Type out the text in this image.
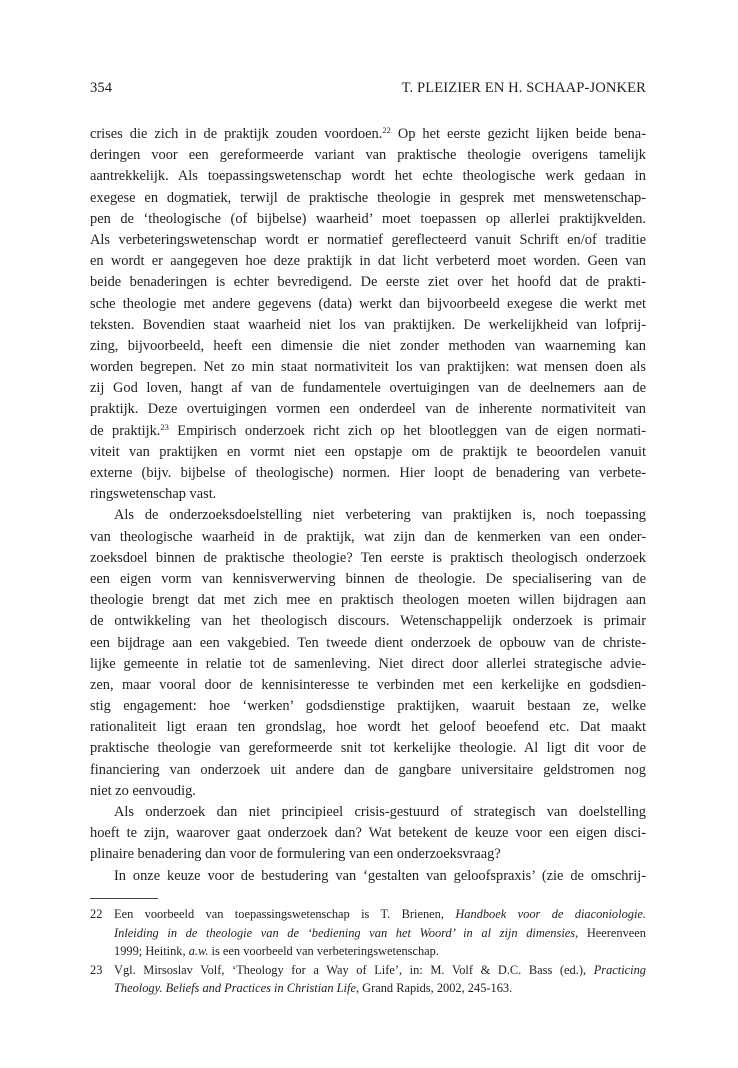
354	T. PLEIZIER EN H. SCHAAP-JONKER
crises die zich in de praktijk zouden voordoen.$^{22}$ Op het eerste gezicht lijken beide bena-
deringen voor een gereformeerde variant van praktische theologie overigens tamelijk
aantrekkelijk. Als toepassingswetenschap wordt het echte theologische werk gedaan in
exegese en dogmatiek, terwijl de praktische theologie in gesprek met menswetenschap-
pen de ‘theologische (of bijbelse) waarheid’ moet toepassen op allerlei praktijkvelden.
Als verbeteringswetenschap wordt er normatief gereflecteerd vanuit Schrift en/of traditie
en wordt er aangegeven hoe deze praktijk in dat licht verbeterd moet worden. Geen van
beide benaderingen is echter bevredigend. De eerste ziet over het hoofd dat de prakti-
sche theologie met andere gegevens (data) werkt dan bijvoorbeeld exegese die werkt met
teksten. Bovendien staat waarheid niet los van praktijken. De werkelijkheid van lofprij-
zing, bijvoorbeeld, heeft een dimensie die niet zonder methoden van waarneming kan
worden begrepen. Net zo min staat normativiteit los van praktijken: wat mensen doen als
zij God loven, hangt af van de fundamentele overtuigingen van de deelnemers aan de
praktijk. Deze overtuigingen vormen een onderdeel van de inherente normativiteit van
de praktijk.$^{23}$ Empirisch onderzoek richt zich op het blootleggen van de eigen normati-
viteit van praktijken en vormt niet een opstapje om de praktijk te beoordelen vanuit
externe (bijv. bijbelse of theologische) normen. Hier loopt de benadering van verbete-
ringswetenschap vast.
Als de onderzoeksdoelstelling niet verbetering van praktijken is, noch toepassing
van theologische waarheid in de praktijk, wat zijn dan de kenmerken van een onder-
zoeksdoel binnen de praktische theologie? Ten eerste is praktisch theologisch onderzoek
een eigen vorm van kennisverwerving binnen de theologie. De specialisering van de
theologie brengt dat met zich mee en praktisch theologen moeten willen bijdragen aan
de ontwikkeling van het theologisch discours. Wetenschappelijk onderzoek is primair
een bijdrage aan een vakgebied. Ten tweede dient onderzoek de opbouw van de christe-
lijke gemeente in relatie tot de samenleving. Niet direct door allerlei strategische advie-
zen, maar vooral door de kennisinteresse te verbinden met een kerkelijke en godsdien-
stig engagement: hoe ‘werken’ godsdienstige praktijken, waaruit bestaan ze, welke
rationaliteit ligt eraan ten grondslag, hoe wordt het geloof beoefend etc. Dat maakt
praktische theologie van gereformeerde snit tot kerkelijke theologie. Al ligt dit voor de
financiering van onderzoek uit andere dan de gangbare universitaire geldstromen nog
niet zo eenvoudig.
Als onderzoek dan niet principieel crisis-gestuurd of strategisch van doelstelling
hoeft te zijn, waarover gaat onderzoek dan? Wat betekent de keuze voor een eigen disci-
plinaire benadering dan voor de formulering van een onderzoeksvraag?
In onze keuze voor de bestudering van ‘gestalten van geloofspraxis’ (zie de omschrij-
22 Een voorbeeld van toepassingswetenschap is T. Brienen, Handboek voor de diaconiologie.
Inleiding in de theologie van de ‘bediening van het Woord’ in al zijn dimensies, Heerenveen
1999; Heitink, a.w. is een voorbeeld van verbeteringswetenschap.
23 Vgl. Mirsoslav Volf, ‘Theology for a Way of Life’, in: M. Volf & D.C. Bass (ed.), Practicing
Theology. Beliefs and Practices in Christian Life, Grand Rapids, 2002, 245-163.
